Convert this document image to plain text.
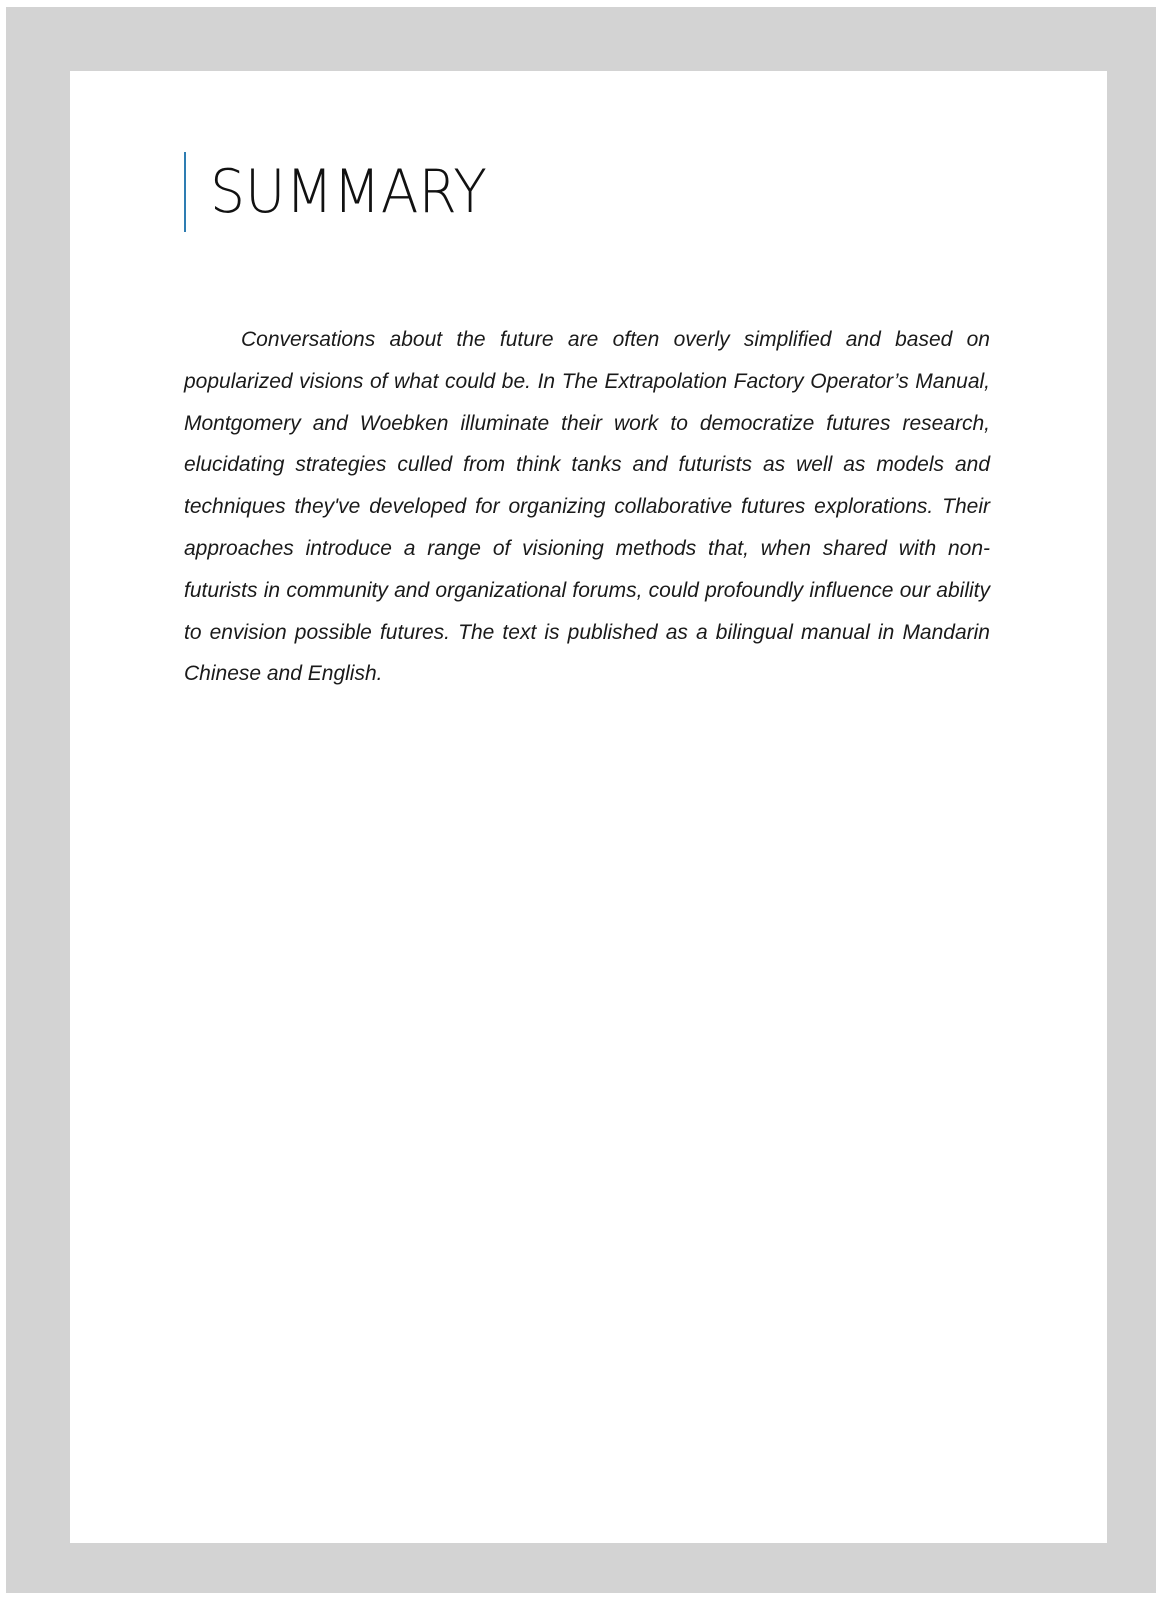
SUMMARY

Conversations about the future are often overly simplified and based on popularized visions of what could be. In The Extrapolation Factory Operator’s Manual, Montgomery and Woebken illuminate their work to democratize futures research, elucidating strategies culled from think tanks and futurists as well as models and techniques they've developed for organizing collaborative futures explorations. Their approaches introduce a range of visioning methods that, when shared with non-futurists in community and organizational forums, could profoundly influence our ability to envision possible futures. The text is published as a bilingual manual in Mandarin Chinese and English.
